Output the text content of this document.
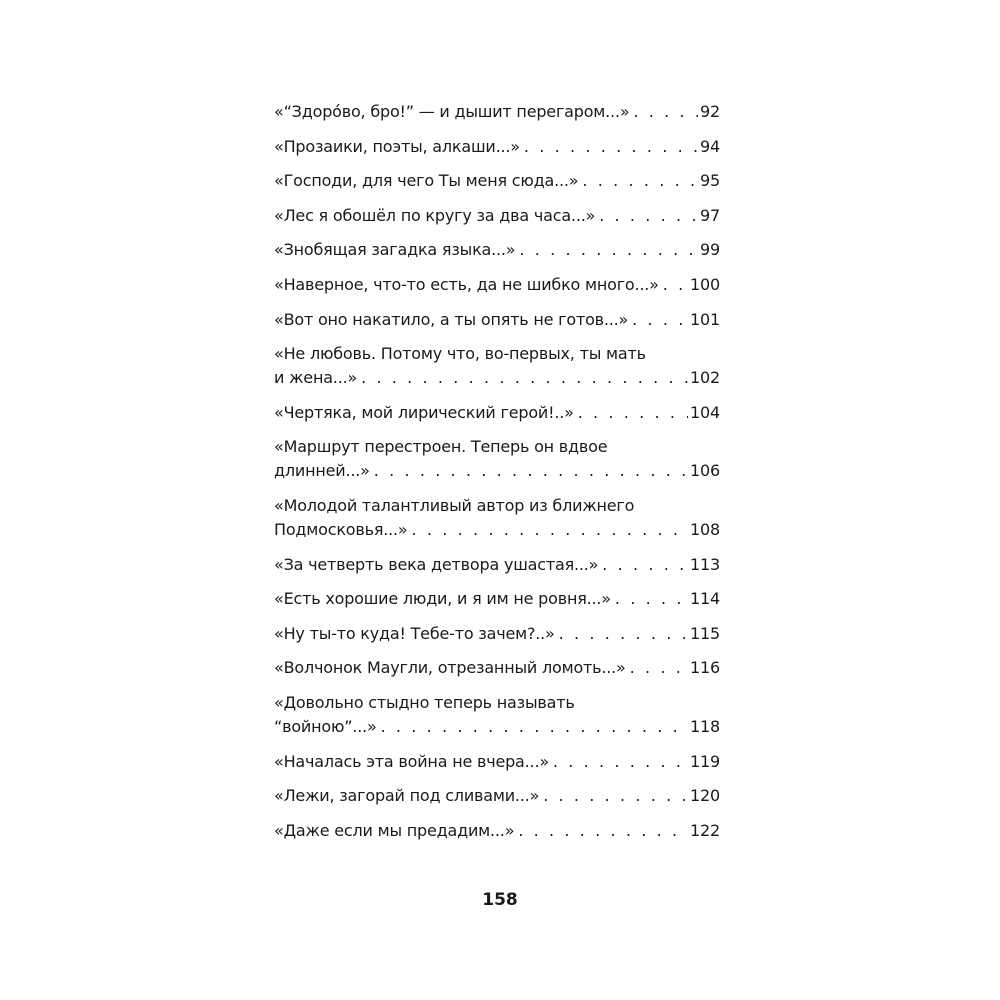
«“Здоро́во, бро!” — и дышит перегаром...» . . .	92
«Прозаики, поэты, алкаши...» . . .	94
«Господи, для чего Ты меня сюда...» . . .	95
«Лес я обошёл по кругу за два часа...» . . .	97
«Знобящая загадка языка...» . . .	99
«Наверное, что-то есть, да не шибко много...» . . . 100
«Вот оно накатило, а ты опять не готов...» . . .	101
«Не любовь. Потому что, во-первых, ты мать
и жена...» . . .	102
«Чертяка, мой лирический герой!..» . . .	104
«Маршрут перестроен. Теперь он вдвое
длинней...» . . .	106
«Молодой талантливый автор из ближнего
Подмосковья...» . . .	108
«За четверть века детвора ушастая...» . . .	113
«Есть хорошие люди, и я им не ровня...» . . .	114
«Ну ты-то куда! Тебе-то зачем?..» . . .	115
«Волчонок Маугли, отрезанный ломоть...» . . .	116
«Довольно стыдно теперь называть
“войною”...» . . .	118
«Началась эта война не вчера...» . . .	119
«Лежи, загорай под сливами...» . . .	120
«Даже если мы предадим...» . . .	122
158
